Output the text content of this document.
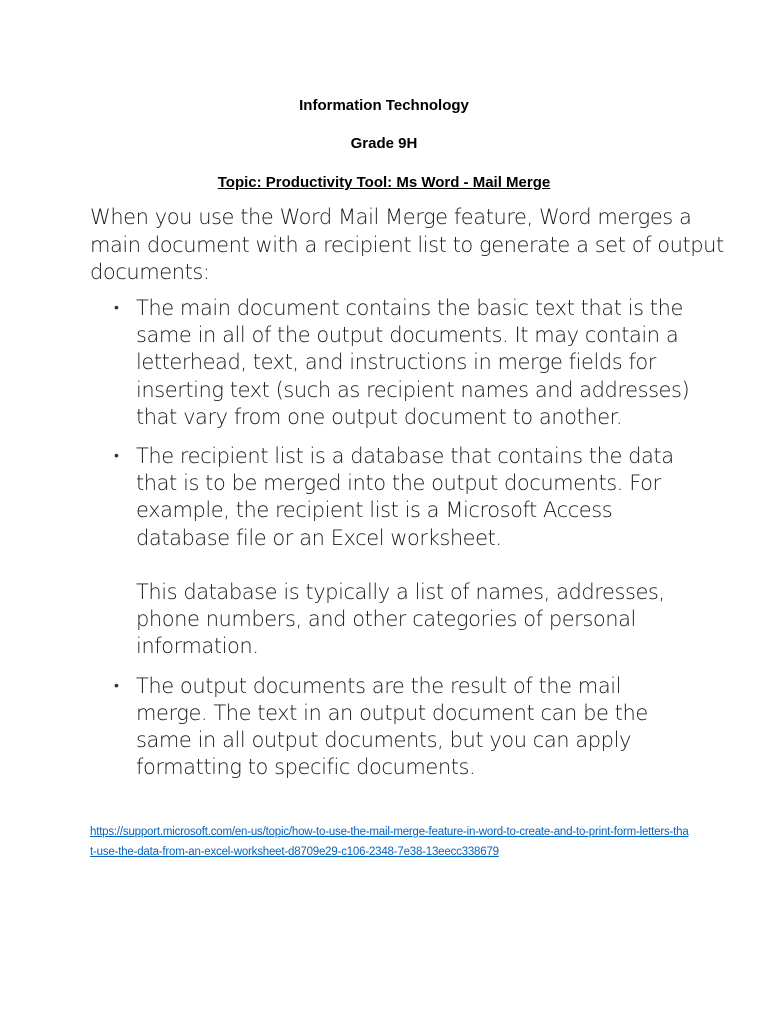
Information Technology
Grade 9H
Topic: Productivity Tool: Ms Word - Mail Merge

When you use the Word Mail Merge feature, Word merges a main document with a recipient list to generate a set of output documents:

• The main document contains the basic text that is the same in all of the output documents. It may contain a letterhead, text, and instructions in merge fields for inserting text (such as recipient names and addresses) that vary from one output document to another.
• The recipient list is a database that contains the data that is to be merged into the output documents. For example, the recipient list is a Microsoft Access database file or an Excel worksheet.
This database is typically a list of names, addresses, phone numbers, and other categories of personal information.
• The output documents are the result of the mail merge. The text in an output document can be the same in all output documents, but you can apply formatting to specific documents.
https://support.microsoft.com/en-us/topic/how-to-use-the-mail-merge-feature-in-word-to-create-and-to-print-form-letters-that-use-the-data-from-an-excel-worksheet-d8709e29-c106-2348-7e38-13eecc338679
